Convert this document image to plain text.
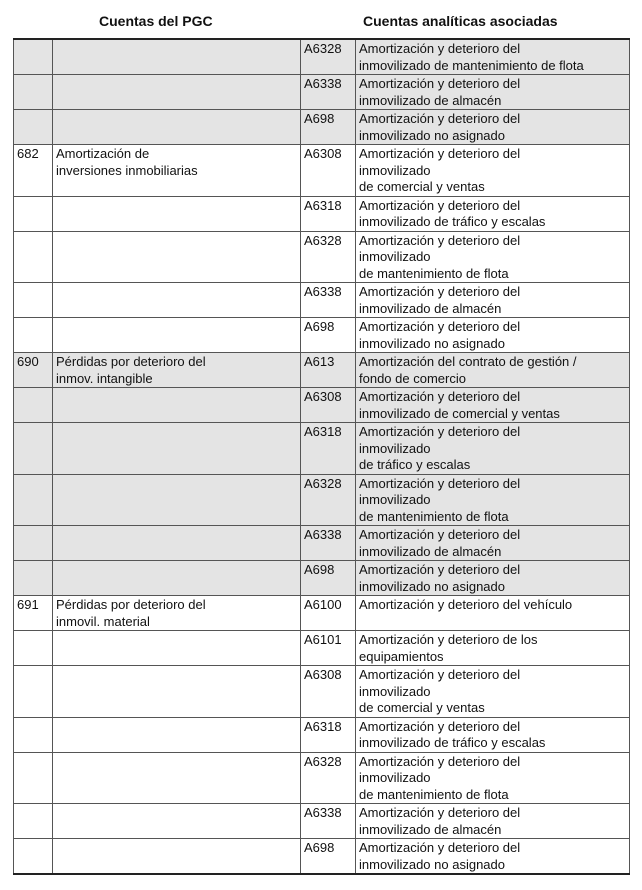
Cuentas del PGC	Cuentas analíticas asociadas
		A6328	Amortización y deterioro del
inmovilizado de mantenimiento de flota
		A6338	Amortización y deterioro del
inmovilizado de almacén
		A698	Amortización y deterioro del
inmovilizado no asignado
682	Amortización de
inversiones inmobiliarias	A6308	Amortización y deterioro del
inmovilizado
de comercial y ventas
		A6318	Amortización y deterioro del
inmovilizado de tráfico y escalas
		A6328	Amortización y deterioro del
inmovilizado
de mantenimiento de flota
		A6338	Amortización y deterioro del
inmovilizado de almacén
		A698	Amortización y deterioro del
inmovilizado no asignado
690	Pérdidas por deterioro del
inmov. intangible	A613	Amortización del contrato de gestión /
fondo de comercio
		A6308	Amortización y deterioro del
inmovilizado de comercial y ventas
		A6318	Amortización y deterioro del
inmovilizado
de tráfico y escalas
		A6328	Amortización y deterioro del
inmovilizado
de mantenimiento de flota
		A6338	Amortización y deterioro del
inmovilizado de almacén
		A698	Amortización y deterioro del
inmovilizado no asignado
691	Pérdidas por deterioro del
inmovil. material	A6100	Amortización y deterioro del vehículo
		A6101	Amortización y deterioro de los
equipamientos
		A6308	Amortización y deterioro del
inmovilizado
de comercial y ventas
		A6318	Amortización y deterioro del
inmovilizado de tráfico y escalas
		A6328	Amortización y deterioro del
inmovilizado
de mantenimiento de flota
		A6338	Amortización y deterioro del
inmovilizado de almacén
		A698	Amortización y deterioro del
inmovilizado no asignado
